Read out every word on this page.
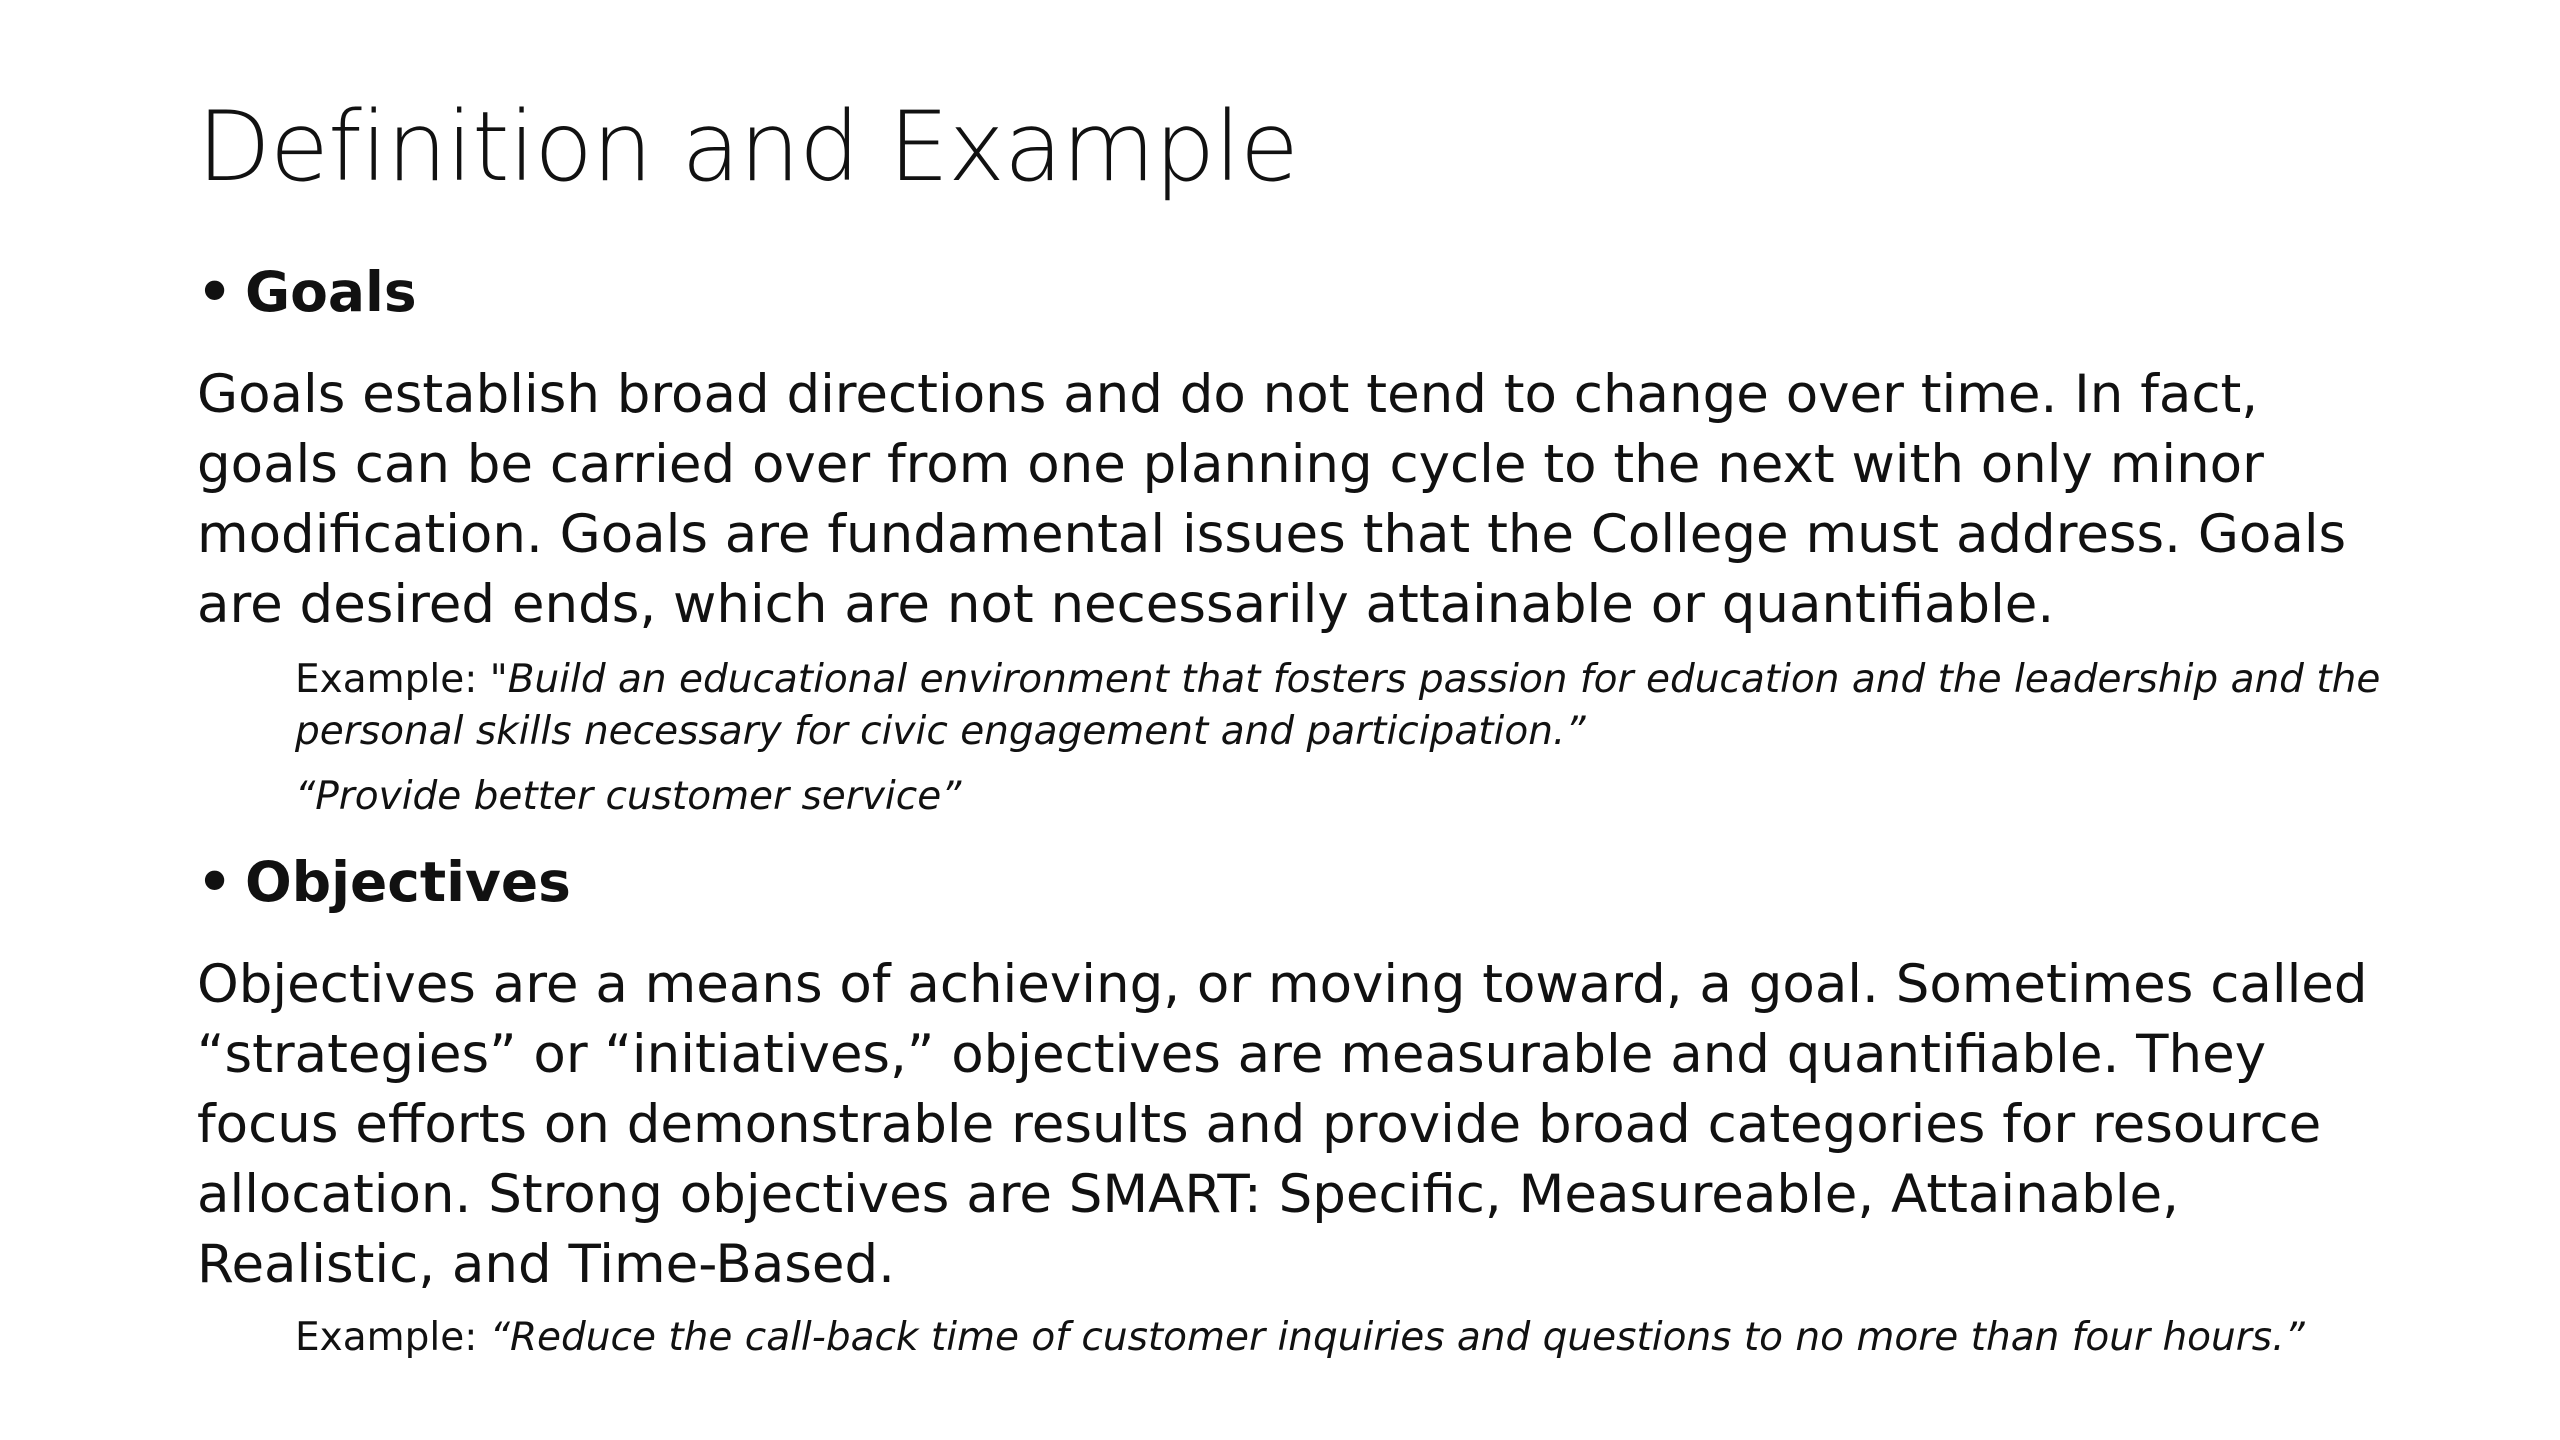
Definition and Example
• Goals
Goals establish broad directions and do not tend to change over time. In fact, goals can be carried over from one planning cycle to the next with only minor modification. Goals are fundamental issues that the College must address. Goals are desired ends, which are not necessarily attainable or quantifiable.
Example: "Build an educational environment that fosters passion for education and the leadership and the personal skills necessary for civic engagement and participation.”
“Provide better customer service”
• Objectives
Objectives are a means of achieving, or moving toward, a goal. Sometimes called “strategies” or “initiatives,” objectives are measurable and quantifiable. They focus efforts on demonstrable results and provide broad categories for resource allocation. Strong objectives are SMART: Specific, Measureable, Attainable, Realistic, and Time-Based.
Example: “Reduce the call-back time of customer inquiries and questions to no more than four hours.”
